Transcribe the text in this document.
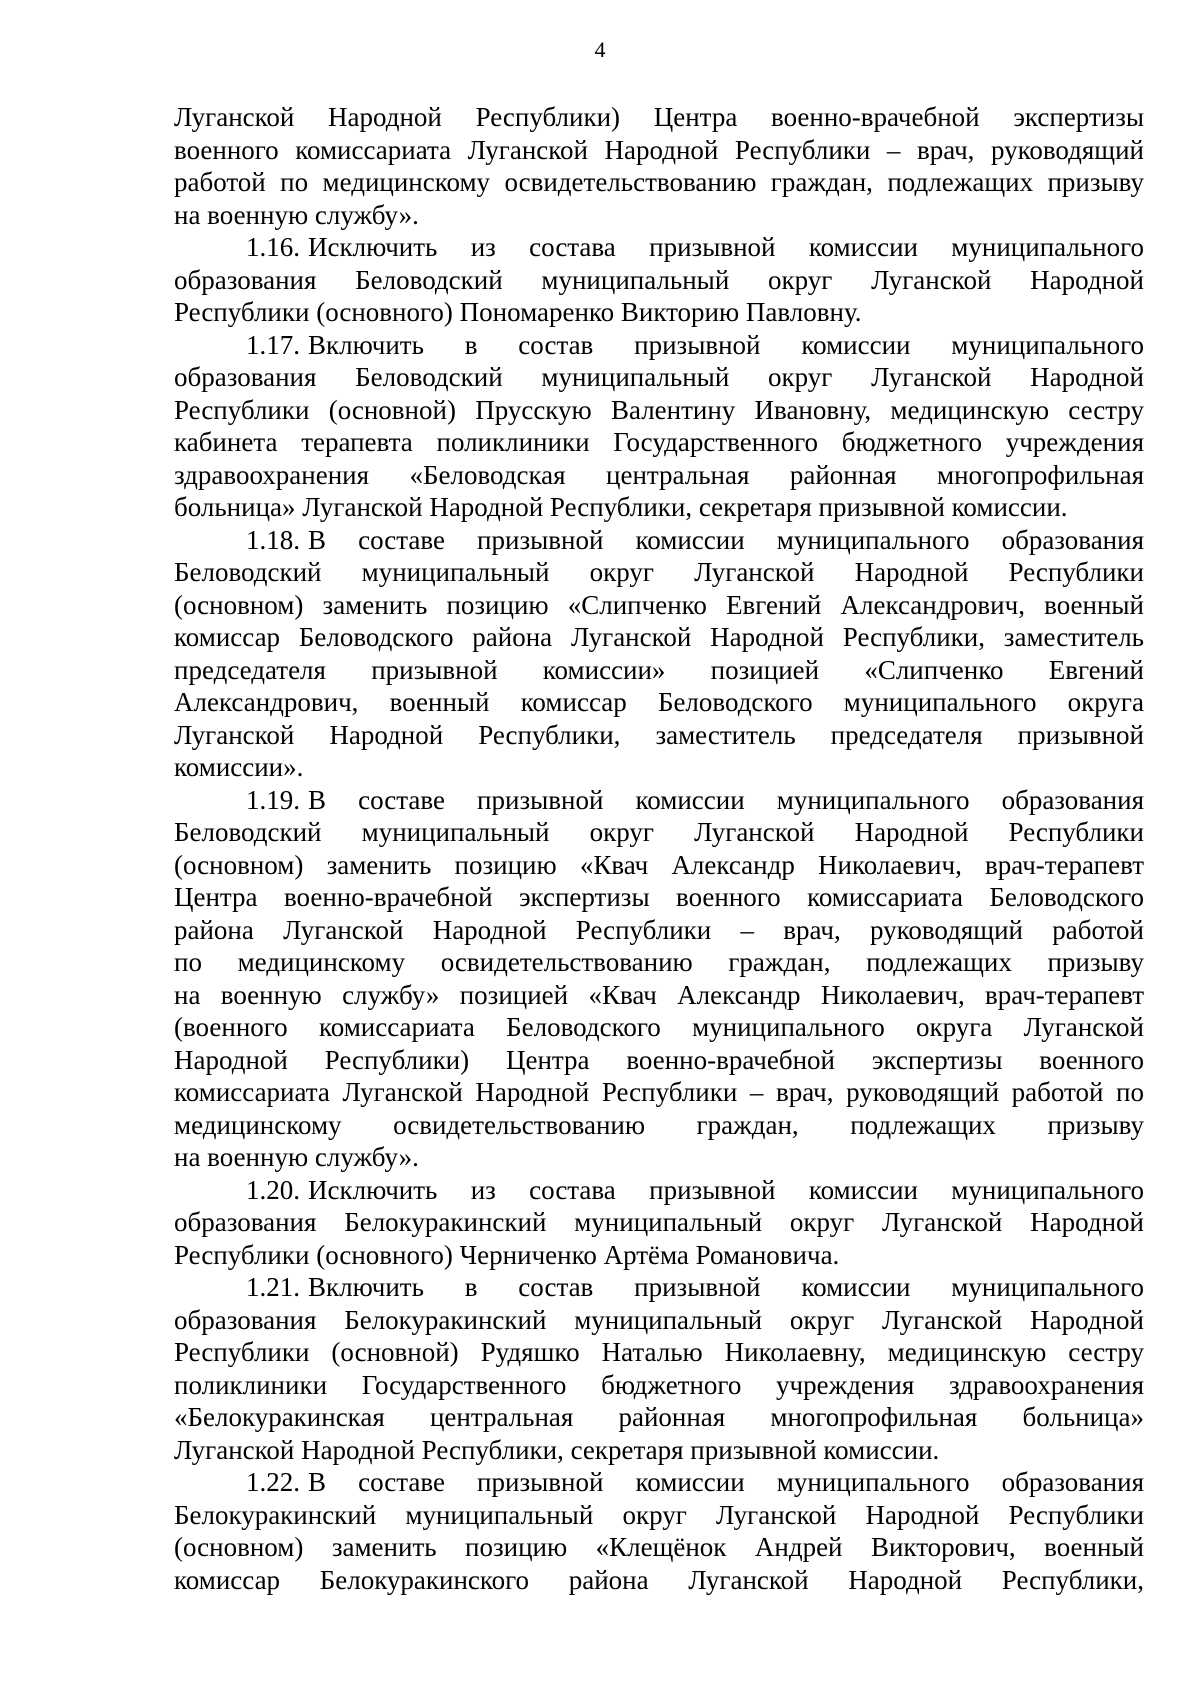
4
Луганской Народной Республики) Центра военно-врачебной экспертизы
военного комиссариата Луганской Народной Республики – врач, руководящий
работой по медицинскому освидетельствованию граждан, подлежащих призыву
на военную службу».
1.16. Исключить из состава призывной комиссии муниципального
образования Беловодский муниципальный округ Луганской Народной
Республики (основного) Пономаренко Викторию Павловну.
1.17. Включить в состав призывной комиссии муниципального
образования Беловодский муниципальный округ Луганской Народной
Республики (основной) Прусскую Валентину Ивановну, медицинскую сестру
кабинета терапевта поликлиники Государственного бюджетного учреждения
здравоохранения «Беловодская центральная районная многопрофильная
больница» Луганской Народной Республики, секретаря призывной комиссии.
1.18. В составе призывной комиссии муниципального образования
Беловодский муниципальный округ Луганской Народной Республики
(основном) заменить позицию «Слипченко Евгений Александрович, военный
комиссар Беловодского района Луганской Народной Республики, заместитель
председателя призывной комиссии» позицией «Слипченко Евгений
Александрович, военный комиссар Беловодского муниципального округа
Луганской Народной Республики, заместитель председателя призывной
комиссии».
1.19. В составе призывной комиссии муниципального образования
Беловодский муниципальный округ Луганской Народной Республики
(основном) заменить позицию «Квач Александр Николаевич, врач-терапевт
Центра военно-врачебной экспертизы военного комиссариата Беловодского
района Луганской Народной Республики – врач, руководящий работой
по медицинскому освидетельствованию граждан, подлежащих призыву
на военную службу» позицией «Квач Александр Николаевич, врач-терапевт
(военного комиссариата Беловодского муниципального округа Луганской
Народной Республики) Центра военно-врачебной экспертизы военного
комиссариата Луганской Народной Республики – врач, руководящий работой по
медицинскому освидетельствованию граждан, подлежащих призыву
на военную службу».
1.20. Исключить из состава призывной комиссии муниципального
образования Белокуракинский муниципальный округ Луганской Народной
Республики (основного) Черниченко Артёма Романовича.
1.21. Включить в состав призывной комиссии муниципального
образования Белокуракинский муниципальный округ Луганской Народной
Республики (основной) Рудяшко Наталью Николаевну, медицинскую сестру
поликлиники Государственного бюджетного учреждения здравоохранения
«Белокуракинская центральная районная многопрофильная больница»
Луганской Народной Республики, секретаря призывной комиссии.
1.22. В составе призывной комиссии муниципального образования
Белокуракинский муниципальный округ Луганской Народной Республики
(основном) заменить позицию «Клещёнок Андрей Викторович, военный
комиссар Белокуракинского района Луганской Народной Республики,
